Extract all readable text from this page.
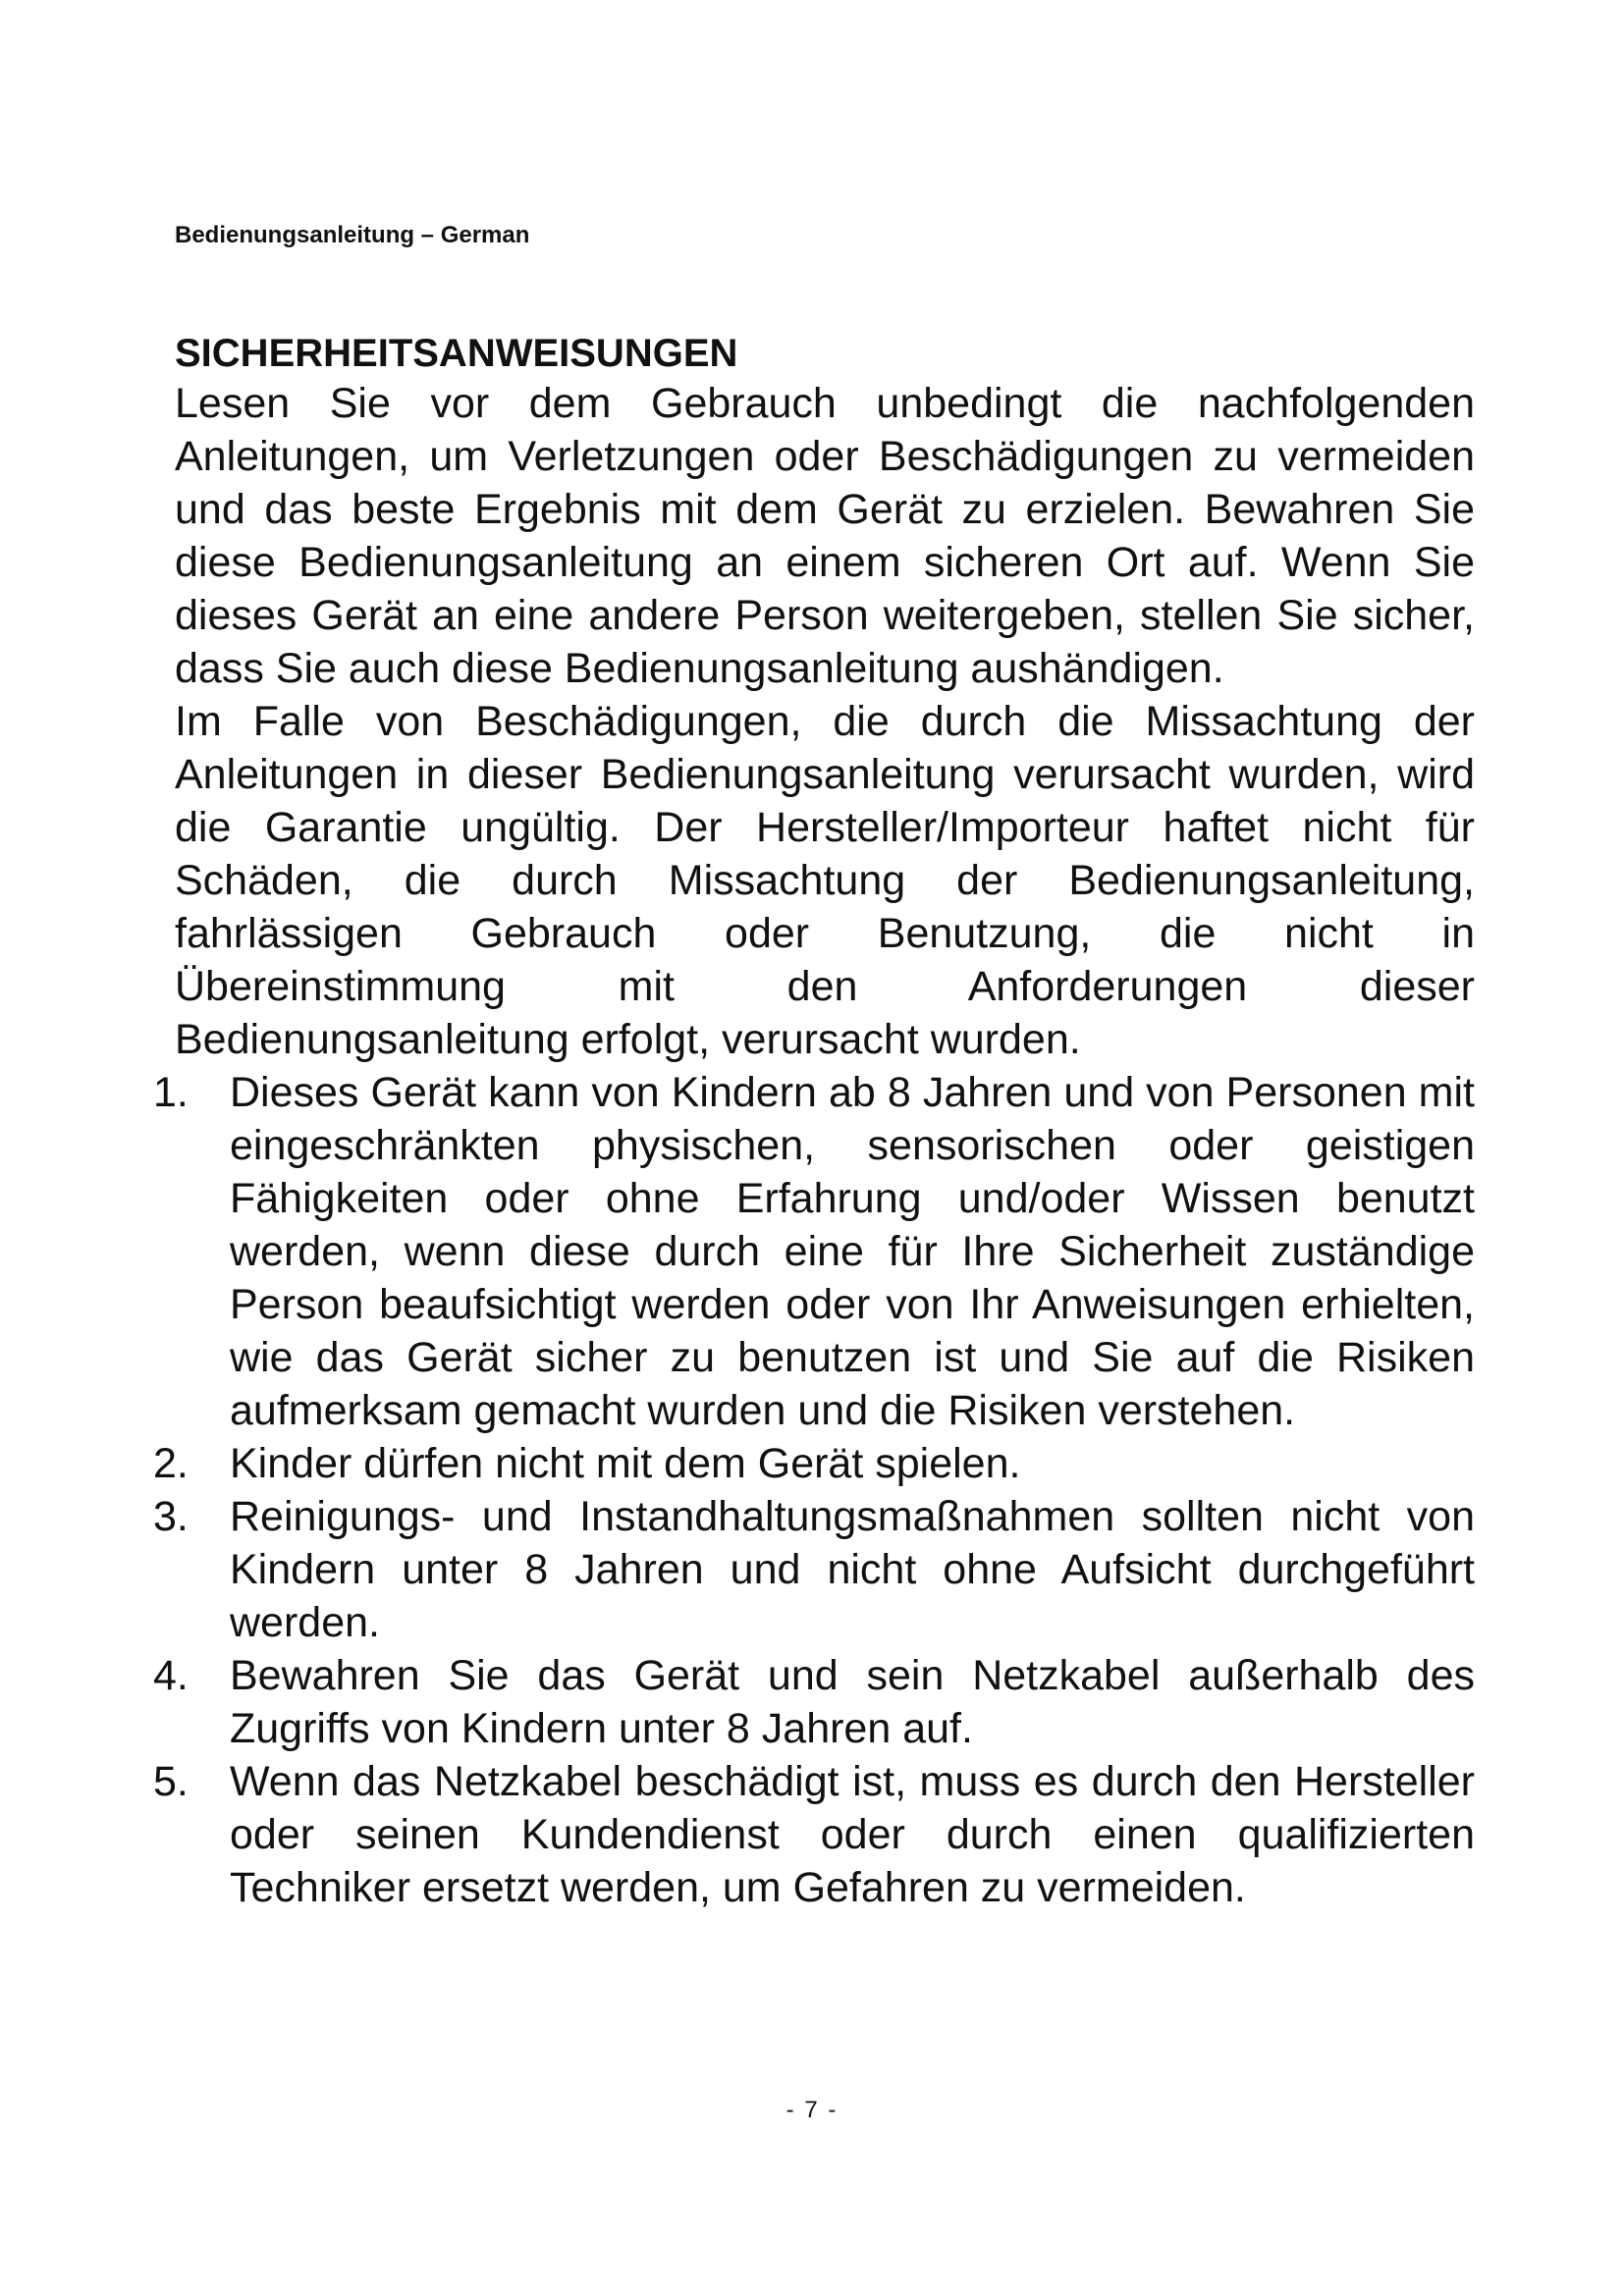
Bedienungsanleitung – German
SICHERHEITSANWEISUNGEN

Lesen Sie vor dem Gebrauch unbedingt die nachfolgenden Anleitungen, um Verletzungen oder Beschädigungen zu vermeiden und das beste Ergebnis mit dem Gerät zu erzielen. Bewahren Sie diese Bedienungsanleitung an einem sicheren Ort auf. Wenn Sie dieses Gerät an eine andere Person weitergeben, stellen Sie sicher, dass Sie auch diese Bedienungsanleitung aushändigen.

Im Falle von Beschädigungen, die durch die Missachtung der Anleitungen in dieser Bedienungsanleitung verursacht wurden, wird die Garantie ungültig. Der Hersteller/Importeur haftet nicht für Schäden, die durch Missachtung der Bedienungsanleitung, fahrlässigen Gebrauch oder Benutzung, die nicht in Übereinstimmung mit den Anforderungen dieser Bedienungsanleitung erfolgt, verursacht wurden.

1. Dieses Gerät kann von Kindern ab 8 Jahren und von Personen mit eingeschränkten physischen, sensorischen oder geistigen Fähigkeiten oder ohne Erfahrung und/oder Wissen benutzt werden, wenn diese durch eine für Ihre Sicherheit zuständige Person beaufsichtigt werden oder von Ihr Anweisungen erhielten, wie das Gerät sicher zu benutzen ist und Sie auf die Risiken aufmerksam gemacht wurden und die Risiken verstehen.
2. Kinder dürfen nicht mit dem Gerät spielen.
3. Reinigungs- und Instandhaltungsmaßnahmen sollten nicht von Kindern unter 8 Jahren und nicht ohne Aufsicht durchgeführt werden.
4. Bewahren Sie das Gerät und sein Netzkabel außerhalb des Zugriffs von Kindern unter 8 Jahren auf.
5. Wenn das Netzkabel beschädigt ist, muss es durch den Hersteller oder seinen Kundendienst oder durch einen qualifizierten Techniker ersetzt werden, um Gefahren zu vermeiden.
- 7 -
